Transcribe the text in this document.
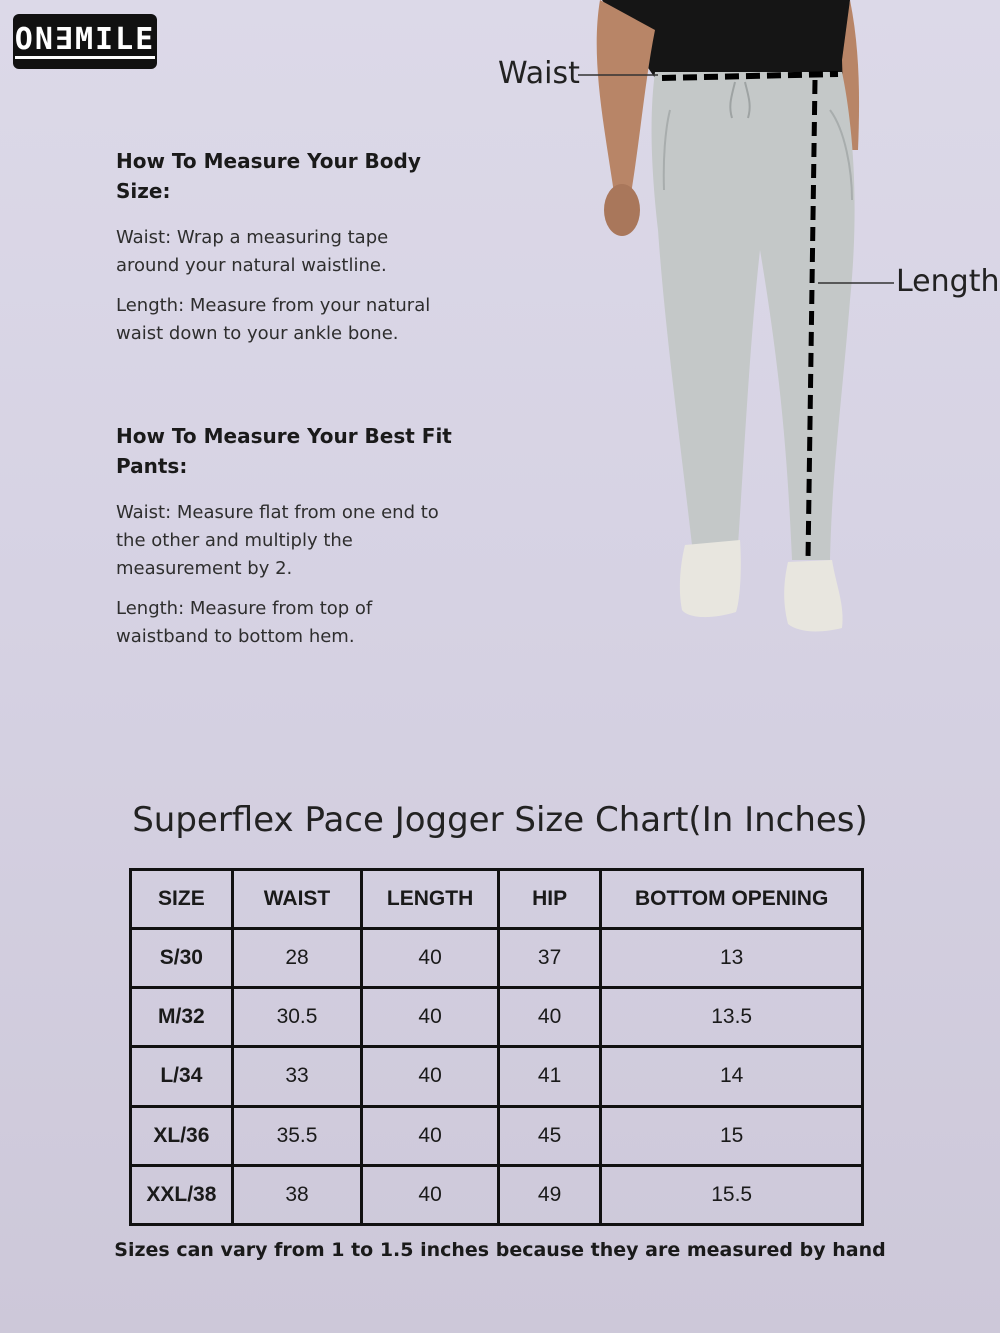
ON∃MILE
How To Measure Your Body Size:

Waist: Wrap a measuring tape around your natural waistline.

Length: Measure from your natural waist down to your ankle bone.

How To Measure Your Best Fit Pants:

Waist: Measure flat from one end to the other and multiply the measurement by 2.

Length: Measure from top of waistband to bottom hem.

Waist
Length
Superflex Pace Jogger Size Chart(In Inches)
SIZE	WAIST	LENGTH	HIP	BOTTOM OPENING
S/30	28	40	37	13
M/32	30.5	40	40	13.5
L/34	33	40	41	14
XL/36	35.5	40	45	15
XXL/38	38	40	49	15.5
Sizes can vary from 1 to 1.5 inches because they are measured by hand
